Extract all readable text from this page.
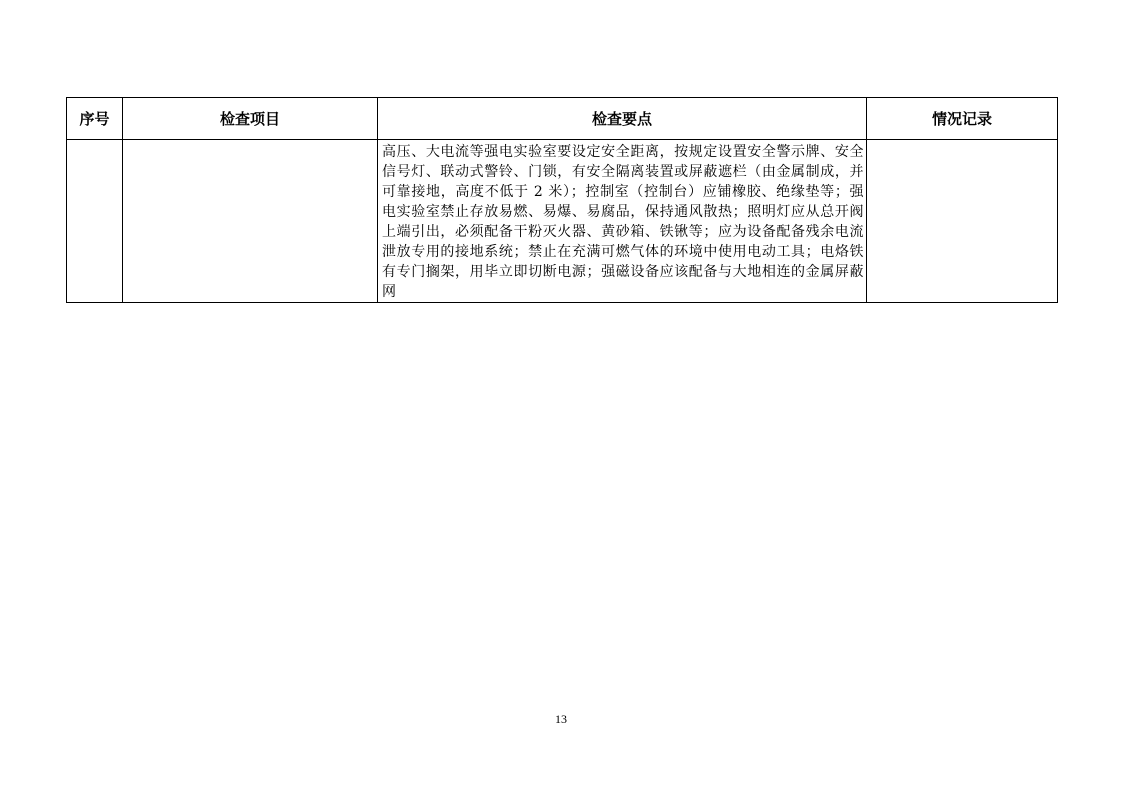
序号	检查项目	检查要点	情况记录
		高压、大电流等强电实验室要设定安全距离，按规定设置安全警示牌、安全信号灯、联动式警铃、门锁，有安全隔离装置或屏蔽遮栏（由金属制成，并可靠接地，高度不低于 2 米）；控制室（控制台）应铺橡胶、绝缘垫等；强电实验室禁止存放易燃、易爆、易腐品，保持通风散热；照明灯应从总开阀上端引出，必须配备干粉灭火器、黄砂箱、铁锹等；应为设备配备残余电流泄放专用的接地系统；禁止在充满可燃气体的环境中使用电动工具；电烙铁有专门搁架，用毕立即切断电源；强磁设备应该配备与大地相连的金属屏蔽网	
13
